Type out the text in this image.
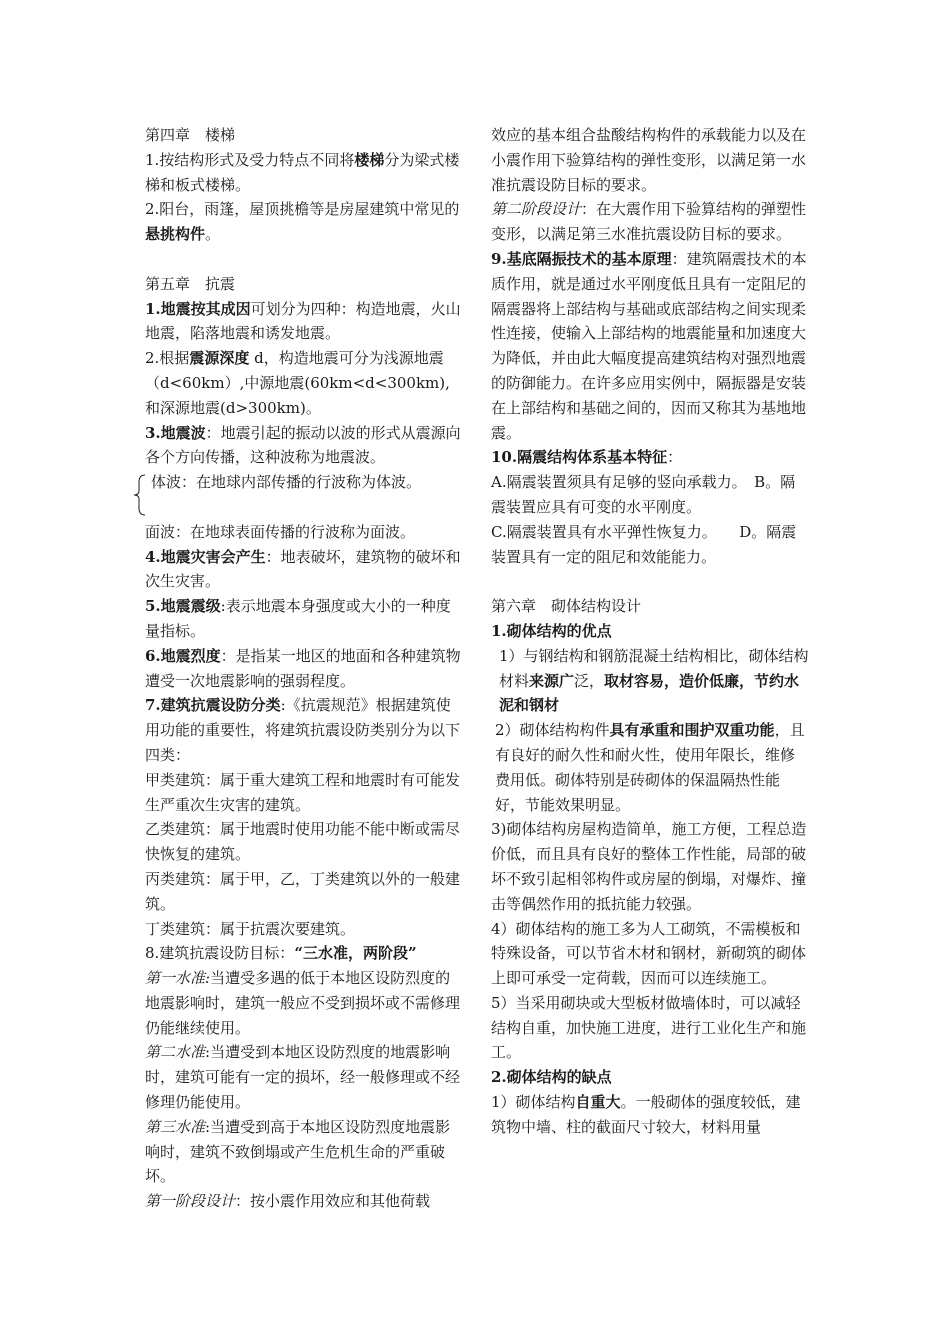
第四章　楼梯

1.按结构形式及受力特点不同将楼梯分为梁式楼梯和板式楼梯。

2.阳台，雨篷，屋顶挑檐等是房屋建筑中常见的悬挑构件。

第五章　抗震

1.地震按其成因可划分为四种：构造地震，火山地震，陷落地震和诱发地震。

2.根据震源深度 d，构造地震可分为浅源地震（d<60km）,中源地震(60km<d<300km),和深源地震(d>300km)。

3.地震波：地震引起的振动以波的形式从震源向各个方向传播，这种波称为地震波。

体波：在地球内部传播的行波称为体波。

面波：在地球表面传播的行波称为面波。

4.地震灾害会产生：地表破坏，建筑物的破坏和次生灾害。

5.地震震级:表示地震本身强度或大小的一种度量指标。

6.地震烈度：是指某一地区的地面和各种建筑物遭受一次地震影响的强弱程度。

7.建筑抗震设防分类:《抗震规范》根据建筑使用功能的重要性，将建筑抗震设防类别分为以下四类：

甲类建筑：属于重大建筑工程和地震时有可能发生严重次生灾害的建筑。

乙类建筑：属于地震时使用功能不能中断或需尽快恢复的建筑。

丙类建筑：属于甲，乙，丁类建筑以外的一般建筑。

丁类建筑：属于抗震次要建筑。

8.建筑抗震设防目标：“三水准，两阶段”

第一水准:当遭受多遇的低于本地区设防烈度的地震影响时，建筑一般应不受到损坏或不需修理仍能继续使用。

第二水准:当遭受到本地区设防烈度的地震影响时，建筑可能有一定的损坏，经一般修理或不经修理仍能使用。

第三水准:当遭受到高于本地区设防烈度地震影响时，建筑不致倒塌或产生危机生命的严重破坏。

第一阶段设计：按小震作用效应和其他荷载

效应的基本组合盐酸结构构件的承载能力以及在小震作用下验算结构的弹性变形，以满足第一水准抗震设防目标的要求。

第二阶段设计：在大震作用下验算结构的弹塑性变形，以满足第三水准抗震设防目标的要求。

9.基底隔振技术的基本原理：建筑隔震技术的本质作用，就是通过水平刚度低且具有一定阻尼的隔震器将上部结构与基础或底部结构之间实现柔性连接，使输入上部结构的地震能量和加速度大为降低，并由此大幅度提高建筑结构对强烈地震的防御能力。在许多应用实例中，隔振器是安装在上部结构和基础之间的，因而又称其为基地地震。

10.隔震结构体系基本特征：

A.隔震装置须具有足够的竖向承载力。　B。隔震装置应具有可变的水平刚度。

C.隔震装置具有水平弹性恢复力。　　D。隔震装置具有一定的阻尼和效能能力。

第六章　砌体结构设计

1.砌体结构的优点

1）与钢结构和钢筋混凝土结构相比，砌体结构材料来源广泛，取材容易，造价低廉，节约水泥和钢材

2）砌体结构构件具有承重和围护双重功能，且有良好的耐久性和耐火性，使用年限长，维修费用低。砌体特别是砖砌体的保温隔热性能好，节能效果明显。

3)砌体结构房屋构造简单，施工方便，工程总造价低，而且具有良好的整体工作性能，局部的破坏不致引起相邻构件或房屋的倒塌，对爆炸、撞击等偶然作用的抵抗能力较强。

4）砌体结构的施工多为人工砌筑，不需模板和特殊设备，可以节省木材和钢材，新砌筑的砌体上即可承受一定荷载，因而可以连续施工。

5）当采用砌块或大型板材做墙体时，可以减轻结构自重，加快施工进度，进行工业化生产和施工。

2.砌体结构的缺点

1）砌体结构自重大。一般砌体的强度较低，建筑物中墙、柱的截面尺寸较大，材料用量
